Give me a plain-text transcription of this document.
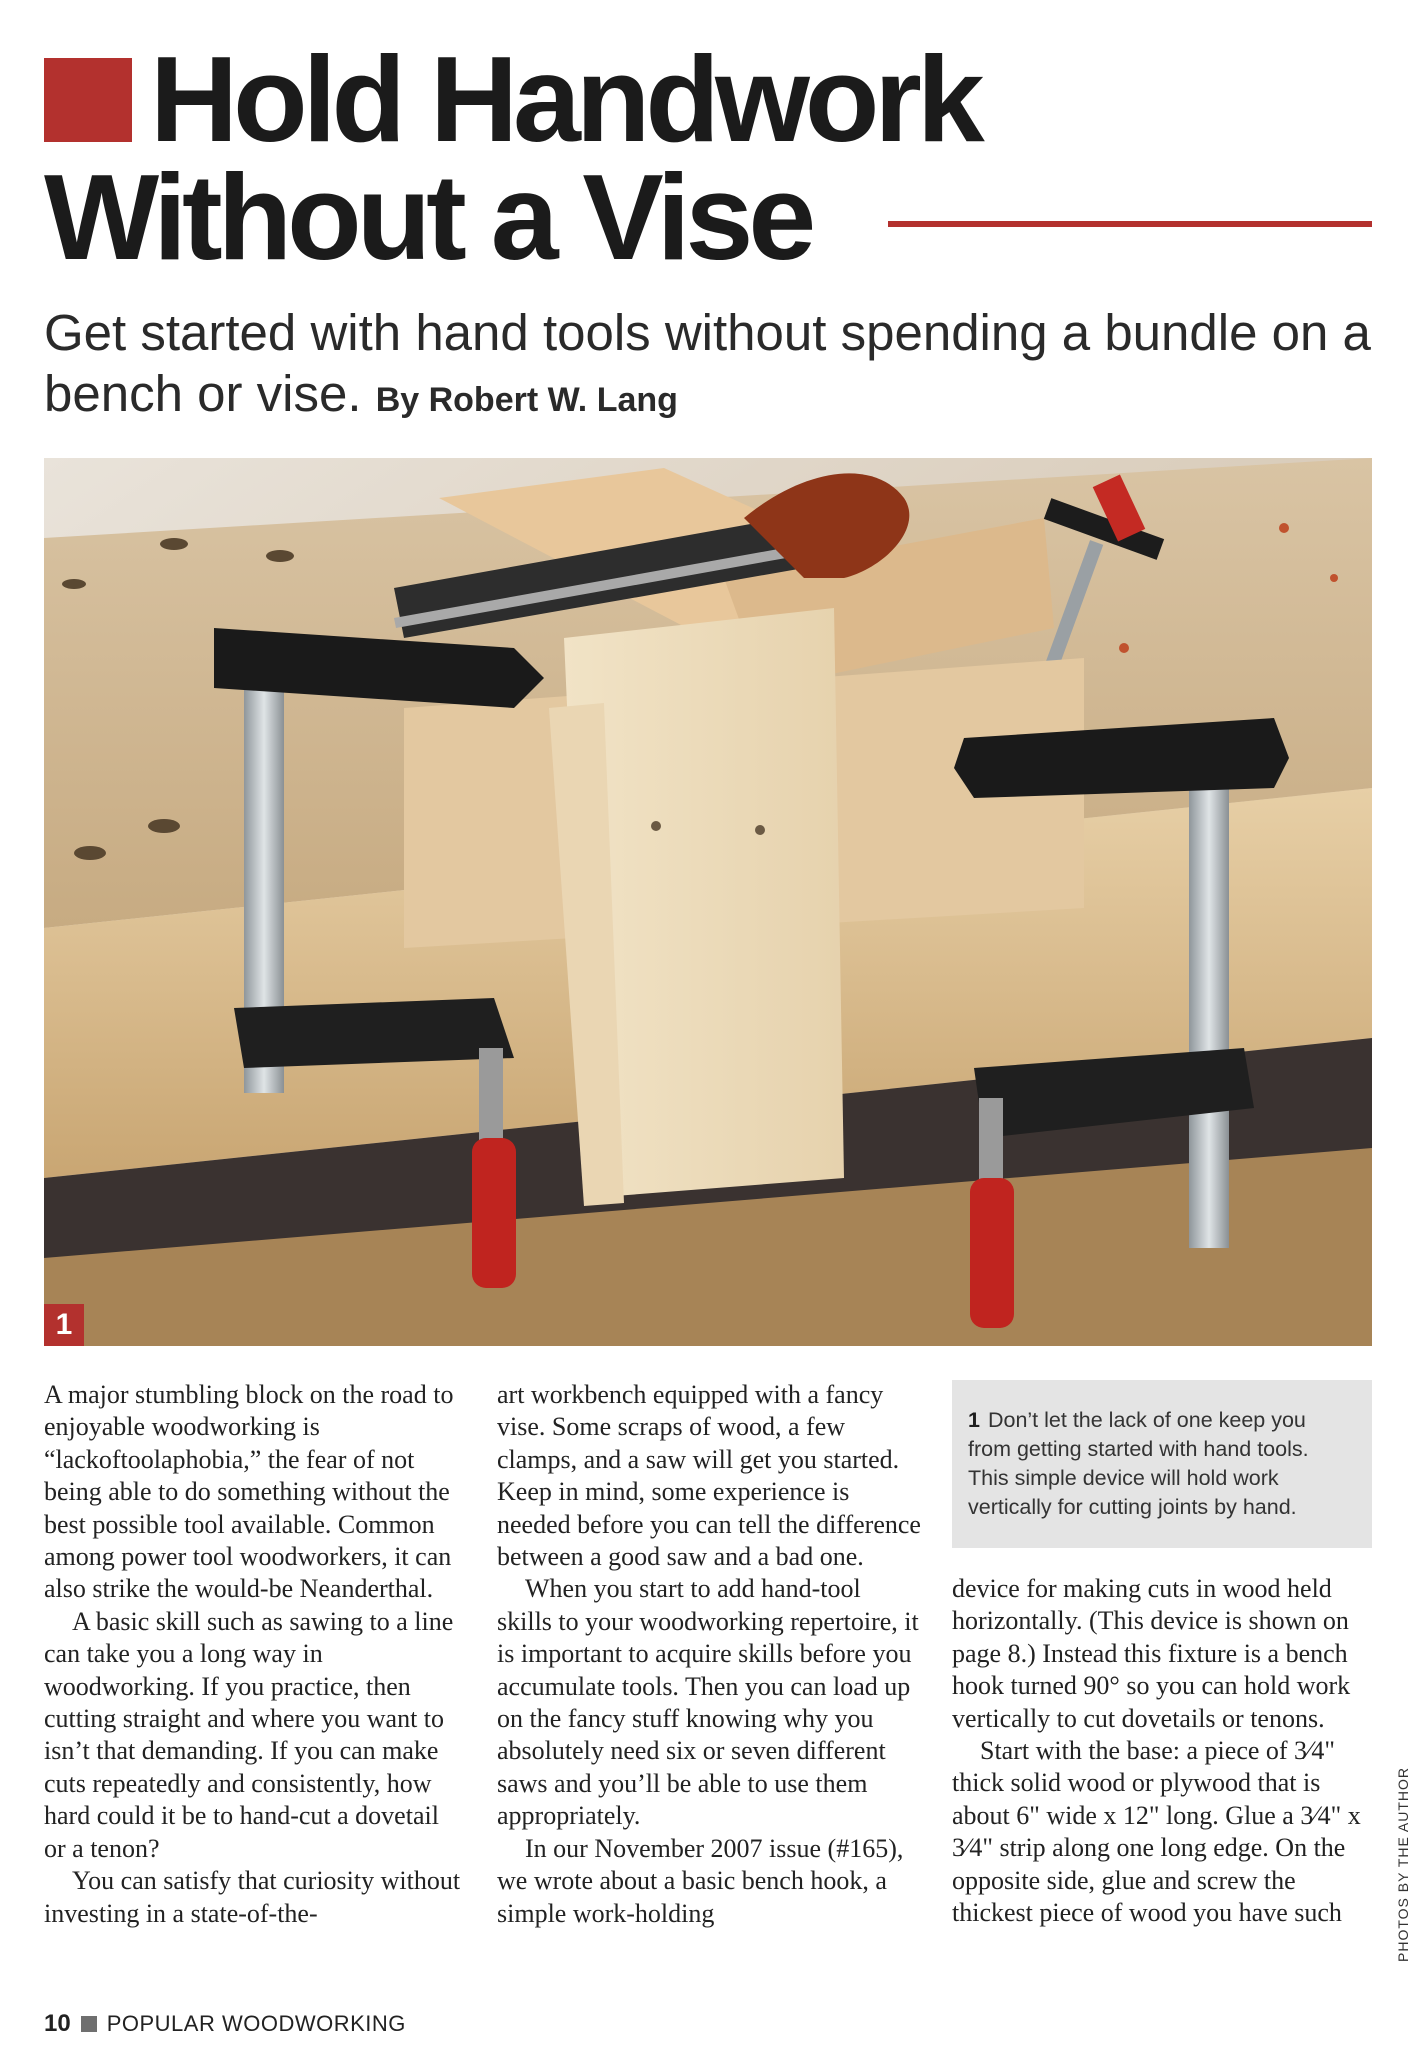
Hold Handwork
Without a Vise

Get started with hand tools without spending a bundle on a bench or vise. By Robert W. Lang

1

A major stumbling block on the road to enjoyable woodworking is “lackoftoolaphobia,” the fear of not being able to do something without the best possible tool available. Common among power tool woodworkers, it can also strike the would-be Neanderthal.

A basic skill such as sawing to a line can take you a long way in woodworking. If you practice, then cutting straight and where you want to isn’t that demanding. If you can make cuts repeatedly and consistently, how hard could it be to hand-cut a dovetail or a tenon?

You can satisfy that curiosity without investing in a state-of-the-

art workbench equipped with a fancy vise. Some scraps of wood, a few clamps, and a saw will get you started. Keep in mind, some experience is needed before you can tell the difference between a good saw and a bad one.

When you start to add hand-tool skills to your woodworking repertoire, it is important to acquire skills before you accumulate tools. Then you can load up on the fancy stuff knowing why you absolutely need six or seven different saws and you’ll be able to use them appropriately.

In our November 2007 issue (#165), we wrote about a basic bench hook, a simple work-holding

1 Don’t let the lack of one keep you from getting started with hand tools. This simple device will hold work vertically for cutting joints by hand.

device for making cuts in wood held horizontally. (This device is shown on page 8.) Instead this fixture is a bench hook turned 90° so you can hold work vertically to cut dovetails or tenons.

Start with the base: a piece of 3⁄4" thick solid wood or plywood that is about 6" wide x 12" long. Glue a 3⁄4" x 3⁄4" strip along one long edge. On the opposite side, glue and screw the thickest piece of wood you have such	PHOTOS BY THE AUTHOR
10 POPULAR WOODWORKING
